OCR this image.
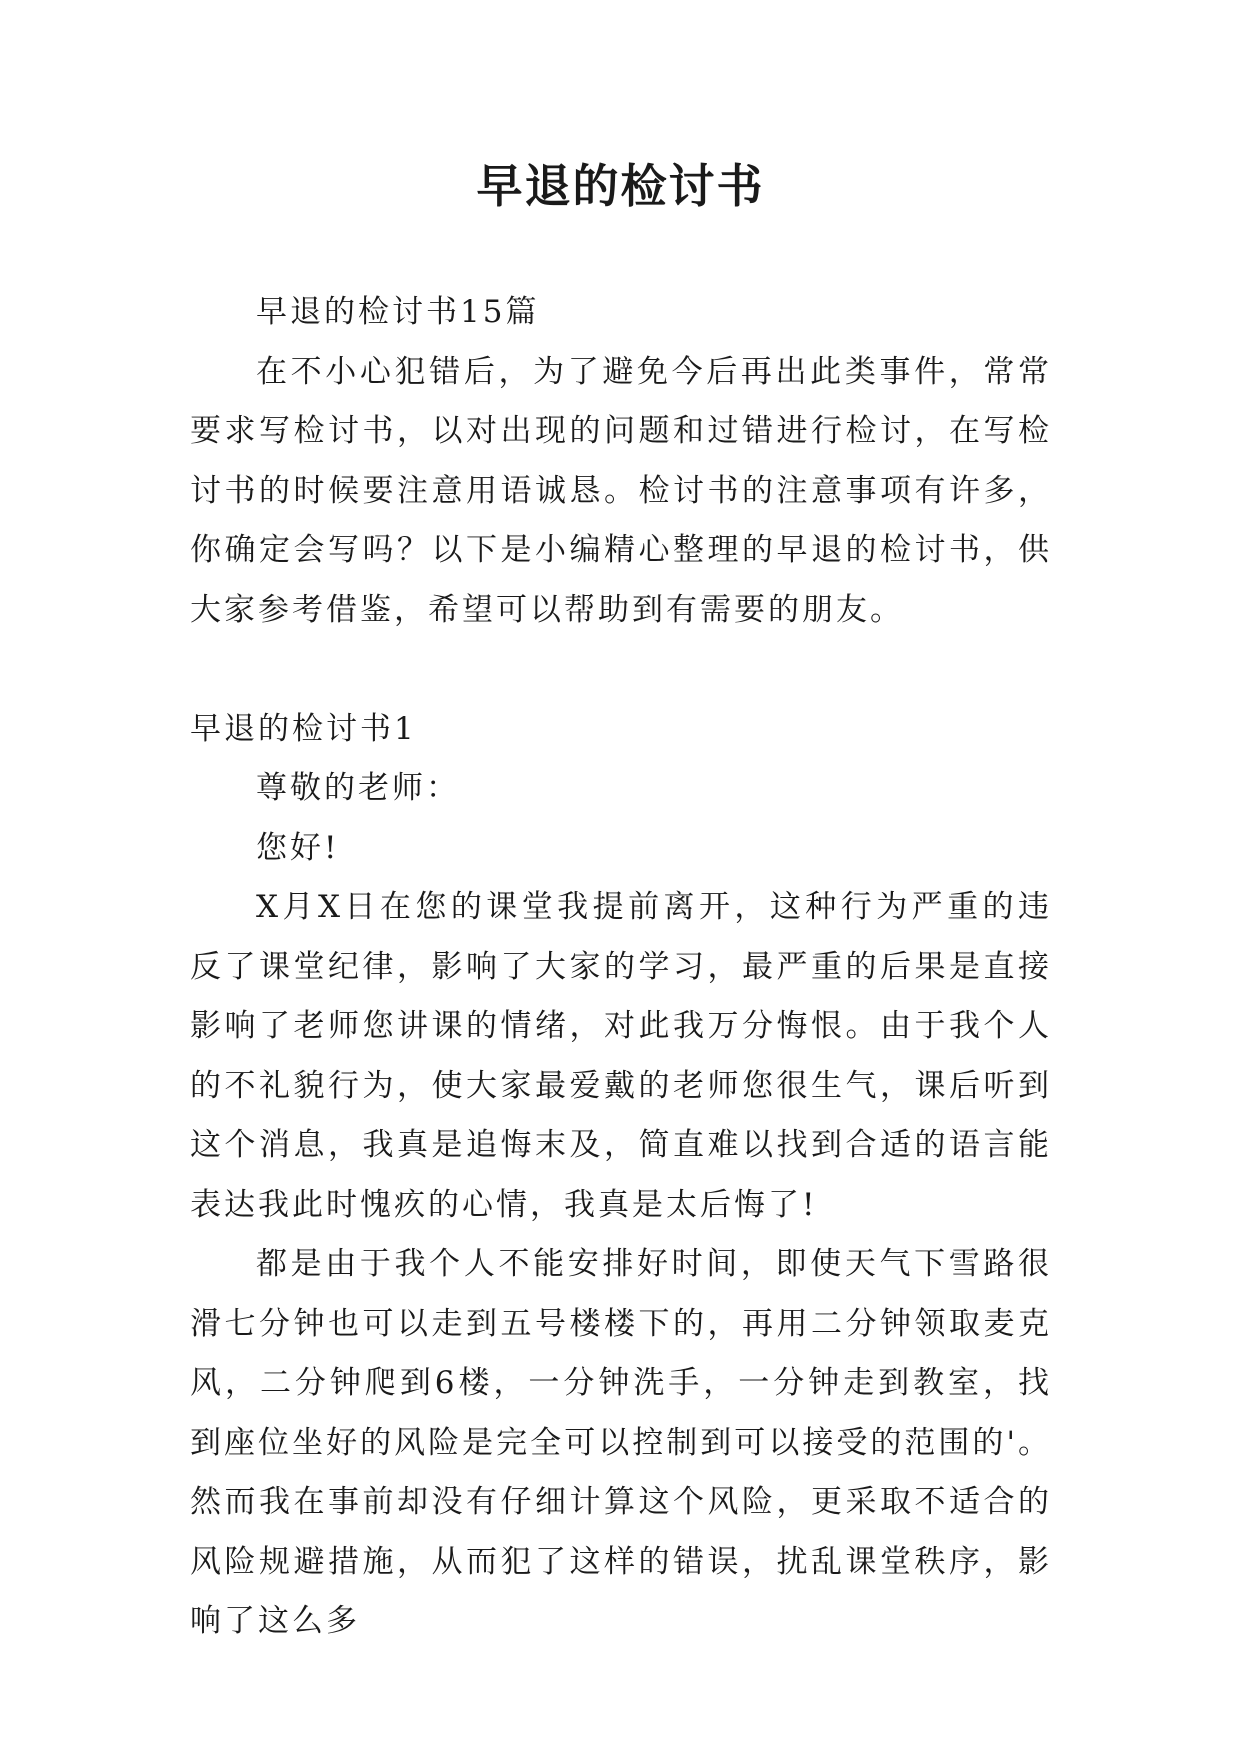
早退的检讨书

早退的检讨书15篇

在不小心犯错后，为了避免今后再出此类事件，常常要求写检讨书，以对出现的问题和过错进行检讨，在写检讨书的时候要注意用语诚恳。检讨书的注意事项有许多，你确定会写吗？以下是小编精心整理的早退的检讨书，供大家参考借鉴，希望可以帮助到有需要的朋友。

早退的检讨书1

尊敬的老师：

您好!

X月X日在您的课堂我提前离开，这种行为严重的违反了课堂纪律，影响了大家的学习，最严重的后果是直接影响了老师您讲课的情绪，对此我万分悔恨。由于我个人的不礼貌行为，使大家最爱戴的老师您很生气，课后听到这个消息，我真是追悔末及，简直难以找到合适的语言能表达我此时愧疚的心情，我真是太后悔了!

都是由于我个人不能安排好时间，即使天气下雪路很滑七分钟也可以走到五号楼楼下的，再用二分钟领取麦克风，二分钟爬到6楼，一分钟洗手，一分钟走到教室，找到座位坐好的风险是完全可以控制到可以接受的范围的'。然而我在事前却没有仔细计算这个风险，更采取不适合的风险规避措施，从而犯了这样的错误，扰乱课堂秩序，影响了这么多
